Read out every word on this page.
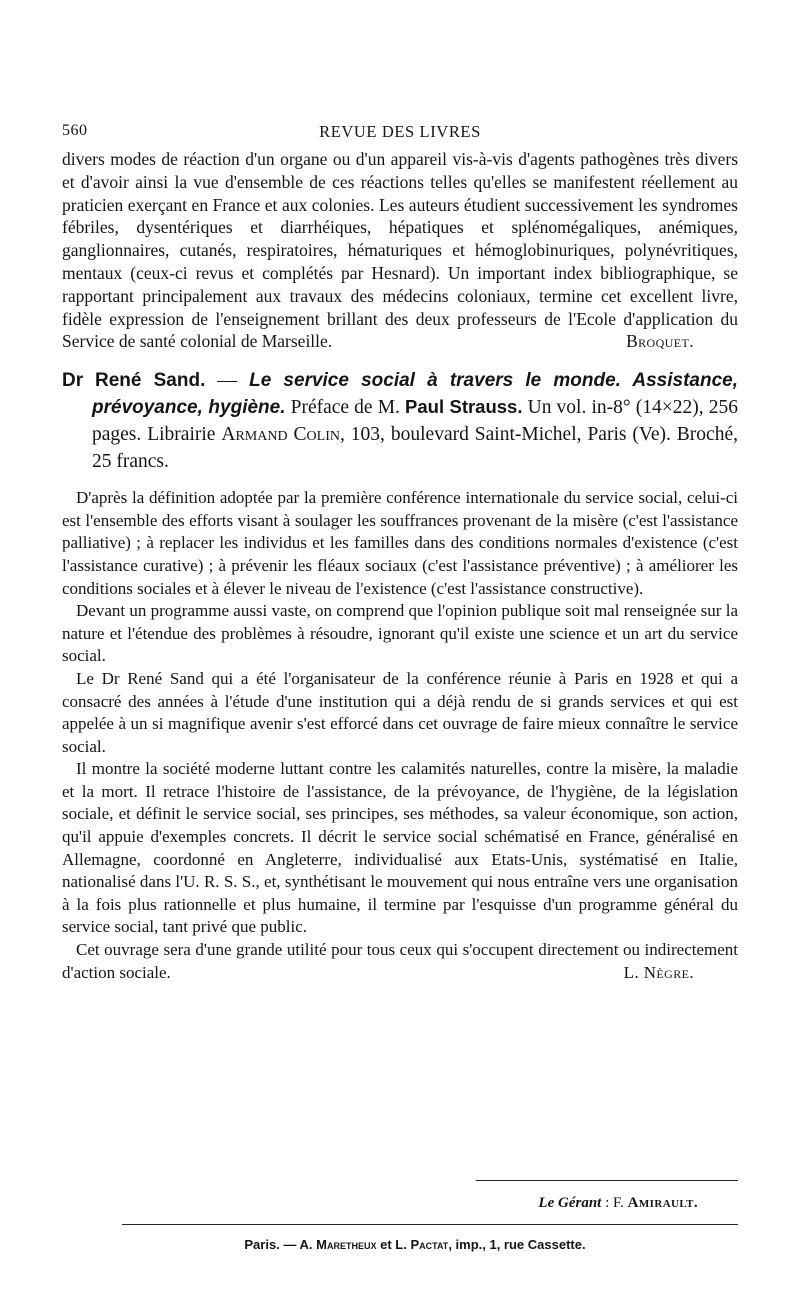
560	REVUE DES LIVRES

divers modes de réaction d'un organe ou d'un appareil vis-à-vis d'agents pathogènes très divers et d'avoir ainsi la vue d'ensemble de ces réactions telles qu'elles se manifestent réellement au praticien exerçant en France et aux colonies. Les auteurs étudient successivement les syndromes fébriles, dysentériques et diarrhéiques, hépatiques et splénomégaliques, anémiques, ganglionnaires, cutanés, respiratoires, hématuriques et hémoglobinuriques, polynévritiques, mentaux (ceux-ci revus et complétés par Hesnard). Un important index bibliographique, se rapportant principalement aux travaux des médecins coloniaux, termine cet excellent livre, fidèle expression de l'enseignement brillant des deux professeurs de l'Ecole d'application du Service de santé colonial de Marseille.	Broquet.

Dr René Sand. — Le service social à travers le monde. Assistance, prévoyance, hygiène. Préface de M. Paul Strauss. Un vol. in-8° (14×22), 256 pages. Librairie Armand Colin, 103, boulevard Saint-Michel, Paris (Ve). Broché, 25 francs.

D'après la définition adoptée par la première conférence internationale du service social, celui-ci est l'ensemble des efforts visant à soulager les souffrances provenant de la misère (c'est l'assistance palliative) ; à replacer les individus et les familles dans des conditions normales d'existence (c'est l'assistance curative) ; à prévenir les fléaux sociaux (c'est l'assistance préventive) ; à améliorer les conditions sociales et à élever le niveau de l'existence (c'est l'assistance constructive).

Devant un programme aussi vaste, on comprend que l'opinion publique soit mal renseignée sur la nature et l'étendue des problèmes à résoudre, ignorant qu'il existe une science et un art du service social.

Le Dr René Sand qui a été l'organisateur de la conférence réunie à Paris en 1928 et qui a consacré des années à l'étude d'une institution qui a déjà rendu de si grands services et qui est appelée à un si magnifique avenir s'est efforcé dans cet ouvrage de faire mieux connaître le service social.

Il montre la société moderne luttant contre les calamités naturelles, contre la misère, la maladie et la mort. Il retrace l'histoire de l'assistance, de la prévoyance, de l'hygiène, de la législation sociale, et définit le service social, ses principes, ses méthodes, sa valeur économique, son action, qu'il appuie d'exemples concrets. Il décrit le service social schématisé en France, généralisé en Allemagne, coordonné en Angleterre, individualisé aux Etats-Unis, systématisé en Italie, nationalisé dans l'U. R. S. S., et, synthétisant le mouvement qui nous entraîne vers une organisation à la fois plus rationnelle et plus humaine, il termine par l'esquisse d'un programme général du service social, tant privé que public.

Cet ouvrage sera d'une grande utilité pour tous ceux qui s'occupent directement ou indirectement d'action sociale.	L. Nègre.

Le Gérant : F. Amirault.
Paris. — A. Maretheux et L. Pactat, imp., 1, rue Cassette.
